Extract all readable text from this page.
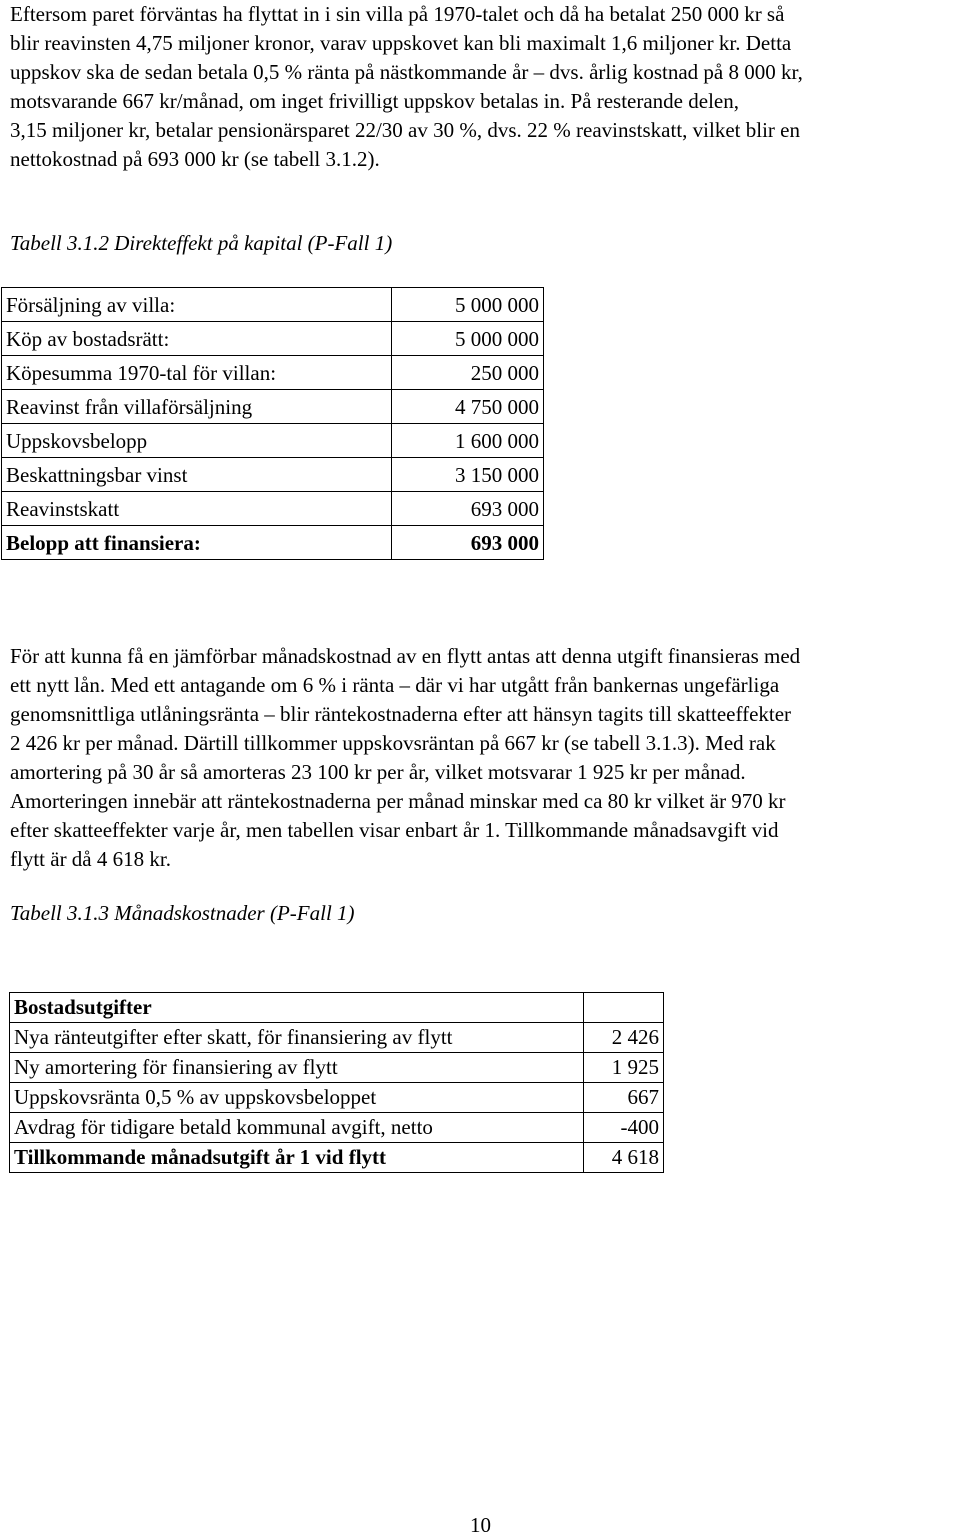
Eftersom paret förväntas ha flyttat in i sin villa på 1970-talet och då ha betalat 250 000 kr så
blir reavinsten 4,75 miljoner kronor, varav uppskovet kan bli maximalt 1,6 miljoner kr. Detta
uppskov ska de sedan betala 0,5 % ränta på nästkommande år – dvs. årlig kostnad på 8 000 kr,
motsvarande 667 kr/månad, om inget frivilligt uppskov betalas in. På resterande delen,
3,15 miljoner kr, betalar pensionärsparet 22/30 av 30 %, dvs. 22 % reavinstskatt, vilket blir en
nettokostnad på 693 000 kr (se tabell 3.1.2).

Tabell 3.1.2 Direkteffekt på kapital (P-Fall 1)

Försäljning av villa:	5 000 000
Köp av bostadsrätt:	5 000 000
Köpesumma 1970-tal för villan:	250 000
Reavinst från villaförsäljning	4 750 000
Uppskovsbelopp	1 600 000
Beskattningsbar vinst	3 150 000
Reavinstskatt	693 000
Belopp att finansiera:	693 000
För att kunna få en jämförbar månadskostnad av en flytt antas att denna utgift finansieras med
ett nytt lån. Med ett antagande om 6 % i ränta – där vi har utgått från bankernas ungefärliga
genomsnittliga utlåningsränta – blir räntekostnaderna efter att hänsyn tagits till skatteeffekter
2 426 kr per månad. Därtill tillkommer uppskovsräntan på 667 kr (se tabell 3.1.3). Med rak
amortering på 30 år så amorteras 23 100 kr per år, vilket motsvarar 1 925 kr per månad.
Amorteringen innebär att räntekostnaderna per månad minskar med ca 80 kr vilket är 970 kr
efter skatteeffekter varje år, men tabellen visar enbart år 1. Tillkommande månadsavgift vid
flytt är då 4 618 kr.

Tabell 3.1.3 Månadskostnader (P-Fall 1)

Bostadsutgifter	
Nya ränteutgifter efter skatt, för finansiering av flytt	2 426
Ny amortering för finansiering av flytt	1 925
Uppskovsränta 0,5 % av uppskovsbeloppet	667
Avdrag för tidigare betald kommunal avgift, netto	-400
Tillkommande månadsutgift år 1 vid flytt	4 618

10
